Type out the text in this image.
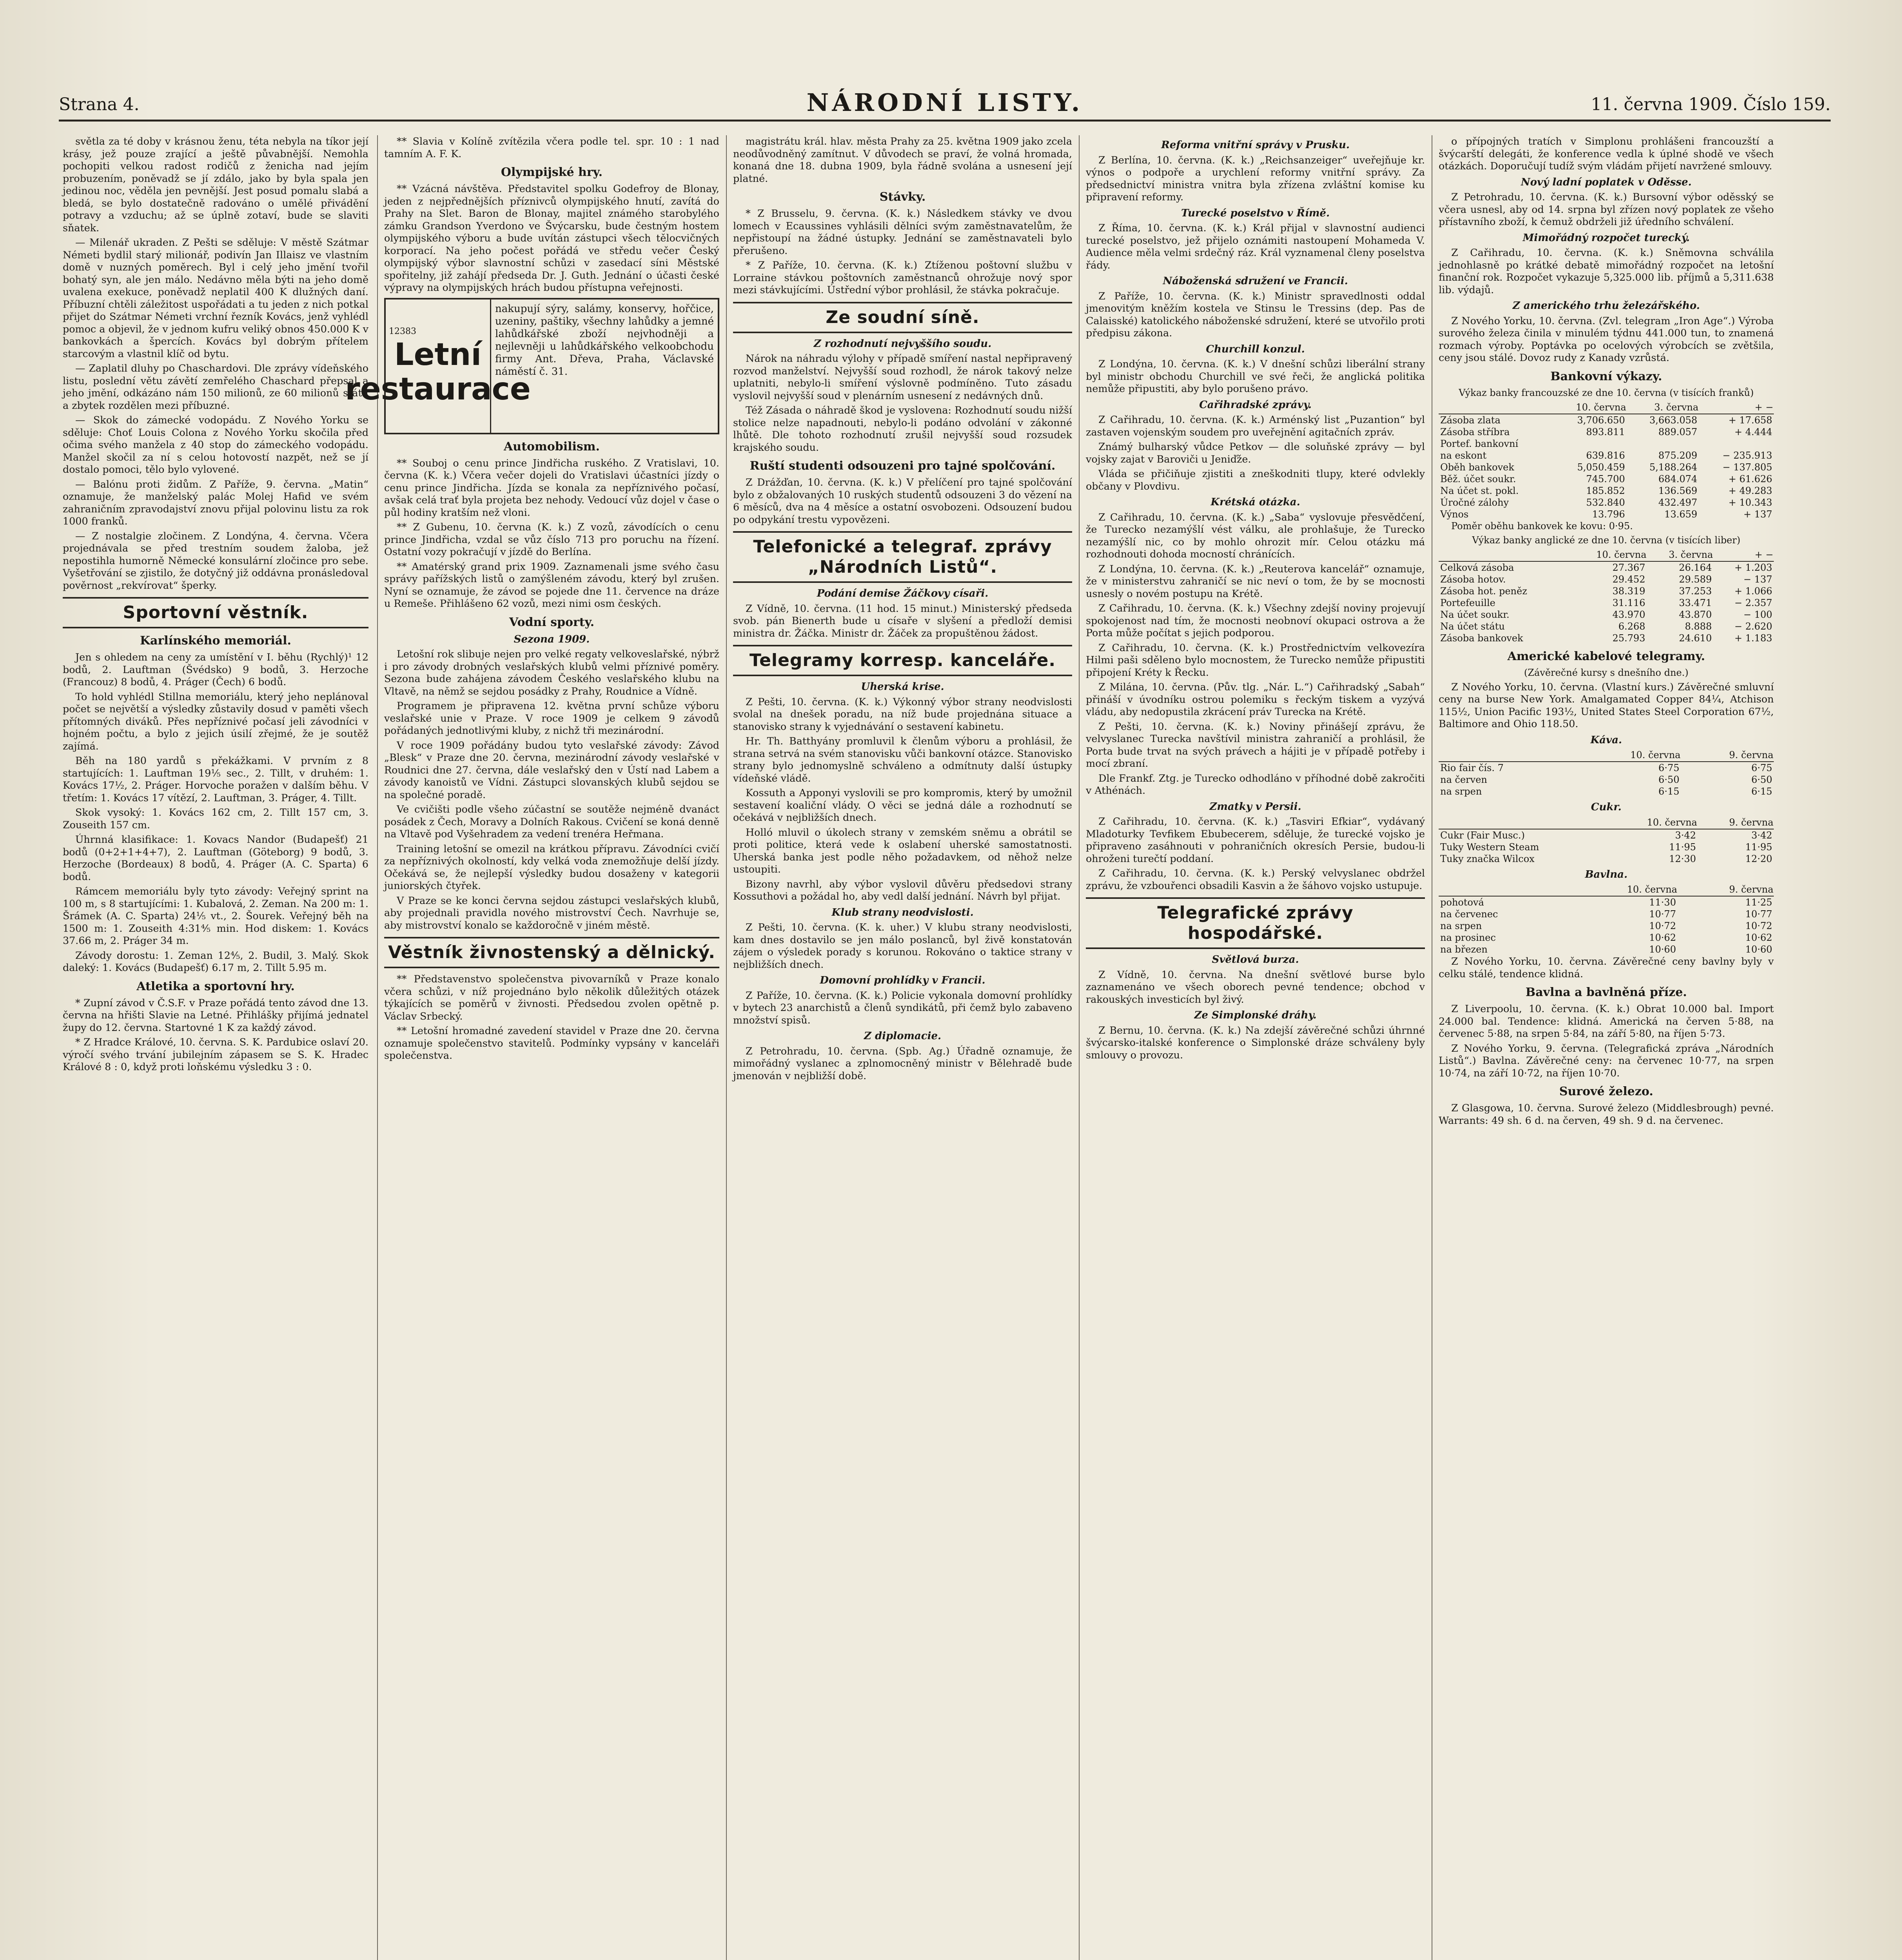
Strana 4.	NÁRODNÍ LISTY.	11. června 1909. Číslo 159.

světla za té doby v krásnou ženu, téta nebyla na tíkor její krásy, jež pouze zrající a ještě půvabnější. Nemohla pochopiti velkou radost rodičů z ženicha nad jejím probuzením, poněvadž se jí zdálo, jako by byla spala jen jedinou noc, věděla jen pevnější. Jest posud pomalu slabá a bledá, se bylo dostatečně radováno o umělé přivádění potravy a vzduchu; až se úplně zotaví, bude se slaviti sňatek.

— Milenář ukraden. Z Pešti se sděluje: V městě Szátmar Németi bydlil starý milionář, podivín Jan Illaisz ve vlastním domě v nuzných poměrech. Byl i celý jeho jmění tvořil bohatý syn, ale jen málo. Nedávno měla býti na jeho domě uvalena exekuce, poněvadž neplatil 400 K dlužných daní. Příbuzní chtěli záležitost uspořádati a tu jeden z nich potkal přijet do Szátmar Németi vrchní řezník Kovács, jenž vyhlédl pomoc a objevil, že v jednom kufru veliký obnos 450.000 K v bankovkách a špercích. Kovács byl dobrým přítelem starcovým a vlastnil klíč od bytu.

— Zaplatil dluhy po Chaschardovi. Dle zprávy vídeňského listu, poslední větu závětí zemřelého Chaschard přepsal a jeho jmění, odkázáno nám 150 milionů, ze 60 milionů státu a zbytek rozdělen mezi příbuzné.

— Skok do zámecké vodopádu. Z Nového Yorku se sděluje: Choť Louis Colona z Nového Yorku skočila před očima svého manžela z 40 stop do zámeckého vodopádu. Manžel skočil za ní s celou hotovostí nazpět, než se jí dostalo pomoci, tělo bylo vylovené.

— Balónu proti židům. Z Paříže, 9. června. „Matin“ oznamuje, že manželský palác Molej Hafid ve svém zahraničním zpravodajství znovu přijal polovinu listu za rok 1000 franků.

— Z nostalgie zločinem. Z Londýna, 4. června. Včera projednávala se před trestním soudem žaloba, jež nepostihla humorně Německé konsulární zločince pro sebe. Vyšetřování se zjistilo, že dotyčný již oddávna pronásledoval pověrnost „rekvírovat“ šperky.

Sportovní věstník.
Karlínského memoriál.

Jen s ohledem na ceny za umístění v I. běhu (Rychlý)¹ 12 bodů, 2. Lauftman (Švédsko) 9 bodů, 3. Herzoche (Francouz) 8 bodů, 4. Práger (Čech) 6 bodů.

To hold vyhlédl Stillna memoriálu, který jeho neplánoval počet se největší a výsledky zůstavily dosud v paměti všech přítomných diváků. Přes nepříznivé počasí jeli závodníci v hojném počtu, a bylo z jejich úsilí zřejmé, že je soutěž zajímá.

Běh na 180 yardů s překážkami. V prvním z 8 startujících: 1. Lauftman 19¹⁄₅ sec., 2. Tillt, v druhém: 1. Kovács 17¹⁄₂, 2. Práger. Horvoche poražen v dalším běhu. V třetím: 1. Kovács 17 vítězí, 2. Lauftman, 3. Práger, 4. Tillt.

Skok vysoký: 1. Kovács 162 cm, 2. Tillt 157 cm, 3. Zouseith 157 cm.

Úhrnná klasifikace: 1. Kovacs Nandor (Budapešť) 21 bodů (0+2+1+4+7), 2. Lauftman (Göteborg) 9 bodů, 3. Herzoche (Bordeaux) 8 bodů, 4. Práger (A. C. Sparta) 6 bodů.

Rámcem memoriálu byly tyto závody: Veřejný sprint na 100 m, s 8 startujícími: 1. Kubalová, 2. Zeman. Na 200 m: 1. Šrámek (A. C. Sparta) 24¹⁄₅ vt., 2. Šourek. Veřejný běh na 1500 m: 1. Zouseith 4:31⁴⁄₅ min. Hod diskem: 1. Kovács 37.66 m, 2. Práger 34 m.

Závody dorostu: 1. Zeman 12⁴⁄₅, 2. Budil, 3. Malý. Skok daleký: 1. Kovács (Budapešť) 6.17 m, 2. Tillt 5.95 m.

Atletika a sportovní hry.

* Zupní závod v Č.S.F. v Praze pořádá tento závod dne 13. června na hřišti Slavie na Letné. Přihlášky přijímá jednatel župy do 12. června. Startovné 1 K za každý závod.

* Z Hradce Králové, 10. června. S. K. Pardubice oslaví 20. výročí svého trvání jubilejním zápasem se S. K. Hradec Králové 8 : 0, když proti loňskému výsledku 3 : 0.

** Slavia v Kolíně zvítězila včera podle tel. spr. 10 : 1 nad tamním A. F. K.

Olympijské hry.

** Vzácná návštěva. Představitel spolku Godefroy de Blonay, jeden z nejpřednějších příznivců olympijského hnutí, zavítá do Prahy na Slet. Baron de Blonay, majitel známého starobylého zámku Grandson Yverdono ve Švýcarsku, bude čestným hostem olympijského výboru a bude uvítán zástupci všech tělocvičných korporací. Na jeho počest pořádá ve středu večer Český olympijský výbor slavnostní schůzi v zasedací síni Městské spořitelny, již zahájí předseda Dr. J. Guth. Jednání o účasti české výpravy na olympijských hrách budou přístupna veřejnosti.

12383
Letní restaurace
nakupují sýry, salámy, konservy, hořčice, uzeniny, paštiky, všechny lahůdky a jemné lahůdkářské zboží nejvhodněji a nejlevněji u lahůdkářského velkoobchodu firmy Ant. Dřeva, Praha, Václavské náměstí č. 31.
Automobilism.

** Souboj o cenu prince Jindřicha ruského. Z Vratislavi, 10. června (K. k.) Včera večer dojeli do Vratislavi účastníci jízdy o cenu prince Jindřicha. Jízda se konala za nepříznivého počasí, avšak celá trať byla projeta bez nehody. Vedoucí vůz dojel v čase o půl hodiny kratším než vloni.

** Z Gubenu, 10. června (K. k.) Z vozů, závodících o cenu prince Jindřicha, vzdal se vůz číslo 713 pro poruchu na řízení. Ostatní vozy pokračují v jízdě do Berlína.

** Amatérský grand prix 1909. Zaznamenali jsme svého času správy pařížských listů o zamýšleném závodu, který byl zrušen. Nyní se oznamuje, že závod se pojede dne 11. července na dráze u Remeše. Přihlášeno 62 vozů, mezi nimi osm českých.

Vodní sporty.
Sezona 1909.

Letošní rok slibuje nejen pro velké regaty velkoveslařské, nýbrž i pro závody drobných veslařských klubů velmi příznivé poměry. Sezona bude zahájena závodem Českého veslařského klubu na Vltavě, na němž se sejdou posádky z Prahy, Roudnice a Vídně.

Programem je připravena 12. května první schůze výboru veslařské unie v Praze. V roce 1909 je celkem 9 závodů pořádaných jednotlivými kluby, z nichž tři mezinárodní.

V roce 1909 pořádány budou tyto veslařské závody: Závod „Blesk“ v Praze dne 20. června, mezinárodní závody veslařské v Roudnici dne 27. června, dále veslařský den v Ústí nad Labem a závody kanoistů ve Vídni. Zástupci slovanských klubů sejdou se na společné poradě.

Ve cvičišti podle všeho zúčastní se soutěže nejméně dvanáct posádek z Čech, Moravy a Dolních Rakous. Cvičení se koná denně na Vltavě pod Vyšehradem za vedení trenéra Heřmana.

Training letošní se omezil na krátkou přípravu. Závodníci cvičí za nepříznivých okolností, kdy velká voda znemožňuje delší jízdy. Očekává se, že nejlepší výsledky budou dosaženy v kategorii juniorských čtyřek.

V Praze se ke konci června sejdou zástupci veslařských klubů, aby projednali pravidla nového mistrovství Čech. Navrhuje se, aby mistrovství konalo se každoročně v jiném městě.

Věstník živnostenský a dělnický.

** Představenstvo společenstva pivovarníků v Praze konalo včera schůzi, v níž projednáno bylo několik důležitých otázek týkajících se poměrů v živnosti. Předsedou zvolen opětně p. Václav Srbecký.

** Letošní hromadné zavedení stavidel v Praze dne 20. června oznamuje společenstvo stavitelů. Podmínky vypsány v kanceláři společenstva.

magistrátu král. hlav. města Prahy za 25. května 1909 jako zcela neodůvodněný zamítnut. V důvodech se praví, že volná hromada, konaná dne 18. dubna 1909, byla řádně svolána a usnesení její platné.

Stávky.

* Z Brusselu, 9. června. (K. k.) Následkem stávky ve dvou lomech v Ecaussines vyhlásili dělníci svým zaměstnavatelům, že nepřistoupí na žádné ústupky. Jednání se zaměstnavateli bylo přerušeno.

* Z Paříže, 10. června. (K. k.) Ztíženou poštovní službu v Lorraine stávkou poštovních zaměstnanců ohrožuje nový spor mezi stávkujícími. Ústřední výbor prohlásil, že stávka pokračuje.

Ze soudní síně.
Z rozhodnutí nejvyššího soudu.

Nárok na náhradu výlohy v případě smíření nastal nepřipravený rozvod manželství. Nejvyšší soud rozhodl, že nárok takový nelze uplatniti, nebylo-li smíření výslovně podmíněno. Tuto zásadu vyslovil nejvyšší soud v plenárním usnesení z nedávných dnů.

Též Zásada o náhradě škod je vyslovena: Rozhodnutí soudu nižší stolice nelze napadnouti, nebylo-li podáno odvolání v zákonné lhůtě. Dle tohoto rozhodnutí zrušil nejvyšší soud rozsudek krajského soudu.

Ruští studenti odsouzeni pro tajné spolčování.

Z Drážďan, 10. června. (K. k.) V přelíčení pro tajné spolčování bylo z obžalovaných 10 ruských studentů odsouzeni 3 do vězení na 6 měsíců, dva na 4 měsíce a ostatní osvobozeni. Odsouzení budou po odpykání trestu vypovězeni.

Telefonické a telegraf. zprávy „Národních Listů“.
Podání demise Žáčkovy císaři.

Z Vídně, 10. června. (11 hod. 15 minut.) Ministerský předseda svob. pán Bienerth bude u císaře v slyšení a předloží demisi ministra dr. Žáčka. Ministr dr. Žáček za propuštěnou žádost.

Telegramy korresp. kanceláře.
Uherská krise.

Z Pešti, 10. června. (K. k.) Výkonný výbor strany neodvislosti svolal na dnešek poradu, na níž bude projednána situace a stanovisko strany k vyjednávání o sestavení kabinetu.

Hr. Th. Batthyány promluvil k členům výboru a prohlásil, že strana setrvá na svém stanovisku vůči bankovní otázce. Stanovisko strany bylo jednomyslně schváleno a odmítnuty další ústupky vídeňské vládě.

Kossuth a Apponyi vyslovili se pro kompromis, který by umožnil sestavení koaliční vlády. O věci se jedná dále a rozhodnutí se očekává v nejbližších dnech.

Holló mluvil o úkolech strany v zemském sněmu a obrátil se proti politice, která vede k oslabení uherské samostatnosti. Uherská banka jest podle něho požadavkem, od něhož nelze ustoupiti.

Bizony navrhl, aby výbor vyslovil důvěru předsedovi strany Kossuthovi a požádal ho, aby vedl další jednání. Návrh byl přijat.

Klub strany neodvislosti.

Z Pešti, 10. června. (K. k. uher.) V klubu strany neodvislosti, kam dnes dostavilo se jen málo poslanců, byl živě konstatován zájem o výsledek porady s korunou. Rokováno o taktice strany v nejbližších dnech.

Domovní prohlídky v Francii.

Z Paříže, 10. června. (K. k.) Policie vykonala domovní prohlídky v bytech 23 anarchistů a členů syndikátů, při čemž bylo zabaveno množství spisů.

Z diplomacie.

Z Petrohradu, 10. června. (Spb. Ag.) Úřadně oznamuje, že mimořádný vyslanec a zplnomocněný ministr v Bělehradě bude jmenován v nejbližší době.

Reforma vnitřní správy v Prusku.

Z Berlína, 10. června. (K. k.) „Reichsanzeiger“ uveřejňuje kr. výnos o podpoře a urychlení reformy vnitřní správy. Za předsednictví ministra vnitra byla zřízena zvláštní komise ku připravení reformy.

Turecké poselstvo v Římě.

Z Říma, 10. června. (K. k.) Král přijal v slavnostní audienci turecké poselstvo, jež přijelo oznámiti nastoupení Mohameda V. Audience měla velmi srdečný ráz. Král vyznamenal členy poselstva řády.

Náboženská sdružení ve Francii.

Z Paříže, 10. června. (K. k.) Ministr spravedlnosti oddal jmenovitým kněžím kostela ve Stinsu le Tressins (dep. Pas de Calaisské) katolického náboženské sdružení, které se utvořilo proti předpisu zákona.

Churchill konzul.

Z Londýna, 10. června. (K. k.) V dnešní schůzi liberální strany byl ministr obchodu Churchill ve své řeči, že anglická politika nemůže připustiti, aby bylo porušeno právo.

Cařihradské zprávy.

Z Cařihradu, 10. června. (K. k.) Arménský list „Puzantion“ byl zastaven vojenským soudem pro uveřejnění agitačních zpráv.

Známý bulharský vůdce Petkov — dle soluňské zprávy — byl vojsky zajat v Baroviči u Jeniďže.

Vláda se přičiňuje zjistiti a zneškodniti tlupy, které odvlekly občany v Plovdivu.

Krétská otázka.

Z Cařihradu, 10. června. (K. k.) „Saba“ vyslovuje přesvědčení, že Turecko nezamýšlí vést válku, ale prohlašuje, že Turecko nezamýšlí nic, co by mohlo ohrozit mír. Celou otázku má rozhodnouti dohoda mocností chránících.

Z Londýna, 10. června. (K. k.) „Reuterova kancelář“ oznamuje, že v ministerstvu zahraničí se nic neví o tom, že by se mocnosti usnesly o novém postupu na Krétě.

Z Cařihradu, 10. června. (K. k.) Všechny zdejší noviny projevují spokojenost nad tím, že mocnosti neobnoví okupaci ostrova a že Porta může počítat s jejich podporou.

Z Cařihradu, 10. června. (K. k.) Prostřednictvím velkovezíra Hilmi paši sděleno bylo mocnostem, že Turecko nemůže připustiti připojení Kréty k Řecku.

Z Milána, 10. června. (Pův. tlg. „Nár. L.“) Cařihradský „Sabah“ přináší v úvodníku ostrou polemiku s řeckým tiskem a vyzývá vládu, aby nedopustila zkrácení práv Turecka na Krétě.

Z Pešti, 10. června. (K. k.) Noviny přinášejí zprávu, že velvyslanec Turecka navštívil ministra zahraničí a prohlásil, že Porta bude trvat na svých právech a hájiti je v případě potřeby i mocí zbraní.

Dle Frankf. Ztg. je Turecko odhodláno v příhodné době zakročiti v Athénách.

Zmatky v Persii.

Z Cařihradu, 10. června. (K. k.) „Tasviri Efkiar“, vydávaný Mladoturky Tevfikem Ebubecerem, sděluje, že turecké vojsko je připraveno zasáhnouti v pohraničních okresích Persie, budou-li ohroženi turečtí poddaní.

Z Cařihradu, 10. června. (K. k.) Perský velvyslanec obdržel zprávu, že vzbouřenci obsadili Kasvin a že šáhovo vojsko ustupuje.

Telegrafické zprávy hospodářské.
Světlová burza.

Z Vídně, 10. června. Na dnešní světlové burse bylo zaznamenáno ve všech oborech pevné tendence; obchod v rakouských investicích byl živý.

Ze Simplonské dráhy.

Z Bernu, 10. června. (K. k.) Na zdejší závěrečné schůzi úhrnné švýcarsko-italské konference o Simplonské dráze schváleny byly smlouvy o provozu.

o přípojných tratích v Simplonu prohlášeni francouzští a švýcarští delegáti, že konference vedla k úplné shodě ve všech otázkách. Doporučují tudíž svým vládám přijetí navržené smlouvy.

Nový ladní poplatek v Oděsse.

Z Petrohradu, 10. června. (K. k.) Bursovní výbor oděsský se včera usnesl, aby od 14. srpna byl zřízen nový poplatek ze všeho přístavního zboží, k čemuž obdrželi již úředního schválení.

Mimořádný rozpočet turecký.

Z Cařihradu, 10. června. (K. k.) Sněmovna schválila jednohlasně po krátké debatě mimořádný rozpočet na letošní finanční rok. Rozpočet vykazuje 5,325.000 lib. příjmů a 5,311.638 lib. výdajů.

Z amerického trhu železářského.

Z Nového Yorku, 10. června. (Zvl. telegram „Iron Age“.) Výroba surového železa činila v minulém týdnu 441.000 tun, to znamená rozmach výroby. Poptávka po ocelových výrobcích se zvětšila, ceny jsou stálé. Dovoz rudy z Kanady vzrůstá.

Bankovní výkazy.

Výkaz banky francouzské ze dne 10. června (v tisících franků)

	10. června	3. června	+ −
Zásoba zlata	3,706.650	3,663.058	+ 17.658
Zásoba stříbra	893.811	889.057	+ 4.444
Portef. bankovní			
na eskont	639.816	875.209	− 235.913
Oběh bankovek	5,050.459	5,188.264	− 137.805
Běž. účet soukr.	745.700	684.074	+ 61.626
Na účet st. pokl.	185.852	136.569	+ 49.283
Úročné zálohy	532.840	432.497	+ 10.343
Výnos	13.796	13.659	+ 137

Poměr oběhu bankovek ke kovu: 0·95.

Výkaz banky anglické ze dne 10. června (v tisících liber)

	10. června	3. června	+ −
Celková zásoba	27.367	26.164	+ 1.203
Zásoba hotov.	29.452	29.589	− 137
Zásoba hot. peněz	38.319	37.253	+ 1.066
Portefeuille	31.116	33.471	− 2.357
Na účet soukr.	43.970	43.870	− 100
Na účet státu	6.268	8.888	− 2.620
Zásoba bankovek	25.793	24.610	+ 1.183
Americké kabelové telegramy.

(Závěrečné kursy s dnešního dne.)

Z Nového Yorku, 10. června. (Vlastní kurs.) Závěrečné smluvní ceny na burse New York. Amalgamated Copper 84¹⁄₄, Atchison 115¹⁄₂, Union Pacific 193¹⁄₂, United States Steel Corporation 67¹⁄₂, Baltimore and Ohio 118.50.

Káva.
	10. června	9. června
Rio fair čís. 7	6·75	6·75
na červen	6·50	6·50
na srpen	6·15	6·15
Cukr.
	10. června	9. června
Cukr (Fair Musc.)	3·42	3·42
Tuky Western Steam	11·95	11·95
Tuky značka Wilcox	12·30	12·20
Bavlna.
	10. června	9. června
pohotová	11·30	11·25
na červenec	10·77	10·77
na srpen	10·72	10·72
na prosinec	10·62	10·62
na březen	10·60	10·60

Z Nového Yorku, 10. června. Závěrečné ceny bavlny byly v celku stálé, tendence klidná.

Bavlna a bavlněná příze.

Z Liverpoolu, 10. června. (K. k.) Obrat 10.000 bal. Import 24.000 bal. Tendence: klidná. Americká na červen 5·88, na červenec 5·88, na srpen 5·84, na září 5·80, na říjen 5·73.

Z Nového Yorku, 9. června. (Telegrafická zpráva „Národních Listů“.) Bavlna. Závěrečné ceny: na červenec 10·77, na srpen 10·74, na září 10·72, na říjen 10·70.

Surové železo.

Z Glasgowa, 10. června. Surové železo (Middlesbrough) pevné. Warrants: 49 sh. 6 d. na červen, 49 sh. 9 d. na červenec.
